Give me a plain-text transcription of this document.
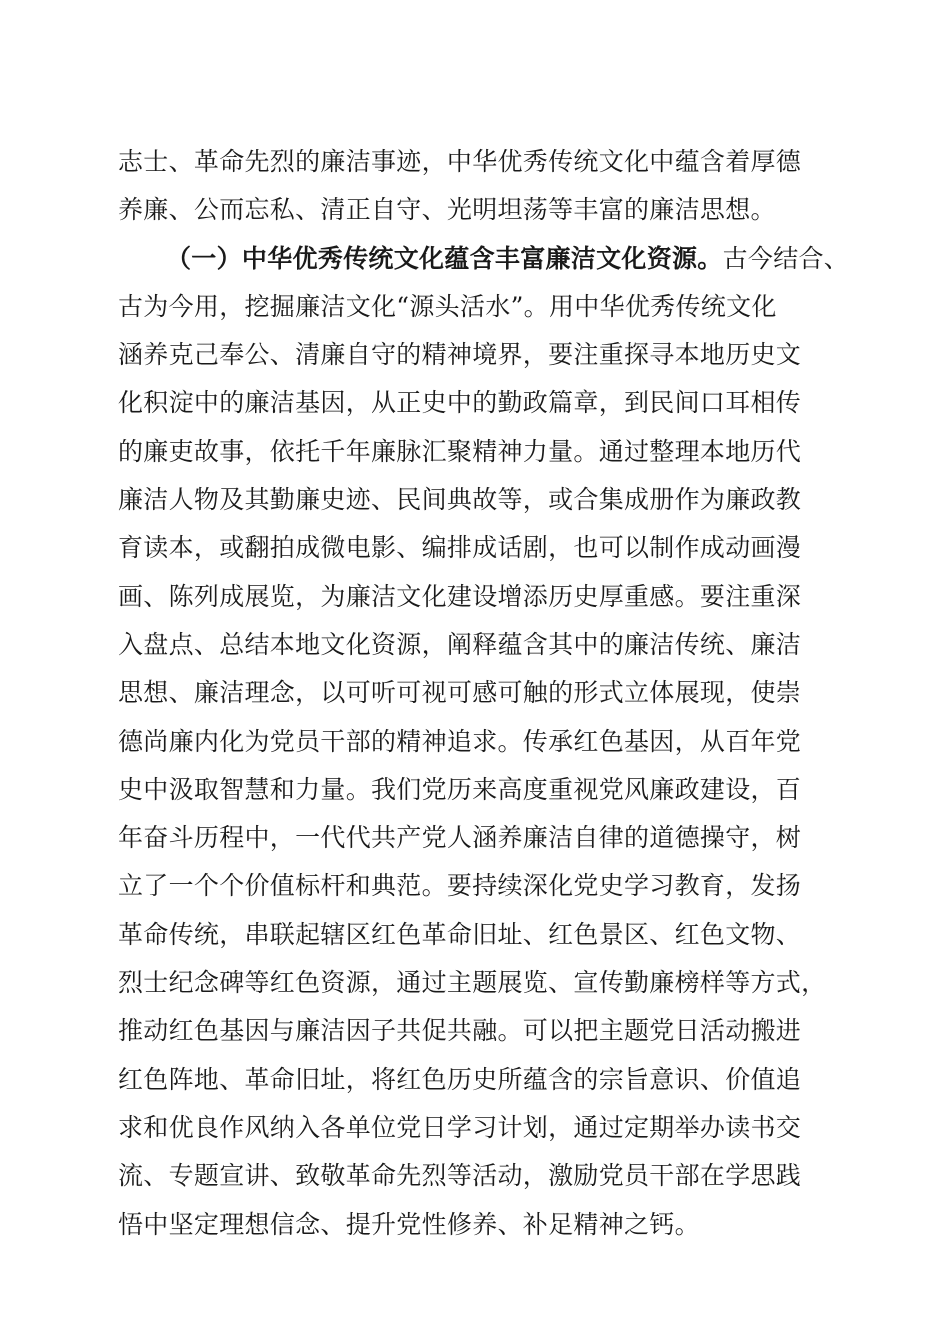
志士、革命先烈的廉洁事迹，中华优秀传统文化中蕴含着厚德
养廉、公而忘私、清正自守、光明坦荡等丰富的廉洁思想。
（一）中华优秀传统文化蕴含丰富廉洁文化资源。古今结合、
古为今用，挖掘廉洁文化“源头活水”。用中华优秀传统文化
涵养克己奉公、清廉自守的精神境界，要注重探寻本地历史文
化积淀中的廉洁基因，从正史中的勤政篇章，到民间口耳相传
的廉吏故事，依托千年廉脉汇聚精神力量。通过整理本地历代
廉洁人物及其勤廉史迹、民间典故等，或合集成册作为廉政教
育读本，或翻拍成微电影、编排成话剧，也可以制作成动画漫
画、陈列成展览，为廉洁文化建设增添历史厚重感。要注重深
入盘点、总结本地文化资源，阐释蕴含其中的廉洁传统、廉洁
思想、廉洁理念，以可听可视可感可触的形式立体展现，使崇
德尚廉内化为党员干部的精神追求。传承红色基因，从百年党
史中汲取智慧和力量。我们党历来高度重视党风廉政建设，百
年奋斗历程中，一代代共产党人涵养廉洁自律的道德操守，树
立了一个个价值标杆和典范。要持续深化党史学习教育，发扬
革命传统，串联起辖区红色革命旧址、红色景区、红色文物、
烈士纪念碑等红色资源，通过主题展览、宣传勤廉榜样等方式，
推动红色基因与廉洁因子共促共融。可以把主题党日活动搬进
红色阵地、革命旧址，将红色历史所蕴含的宗旨意识、价值追
求和优良作风纳入各单位党日学习计划，通过定期举办读书交
流、专题宣讲、致敬革命先烈等活动，激励党员干部在学思践
悟中坚定理想信念、提升党性修养、补足精神之钙。
